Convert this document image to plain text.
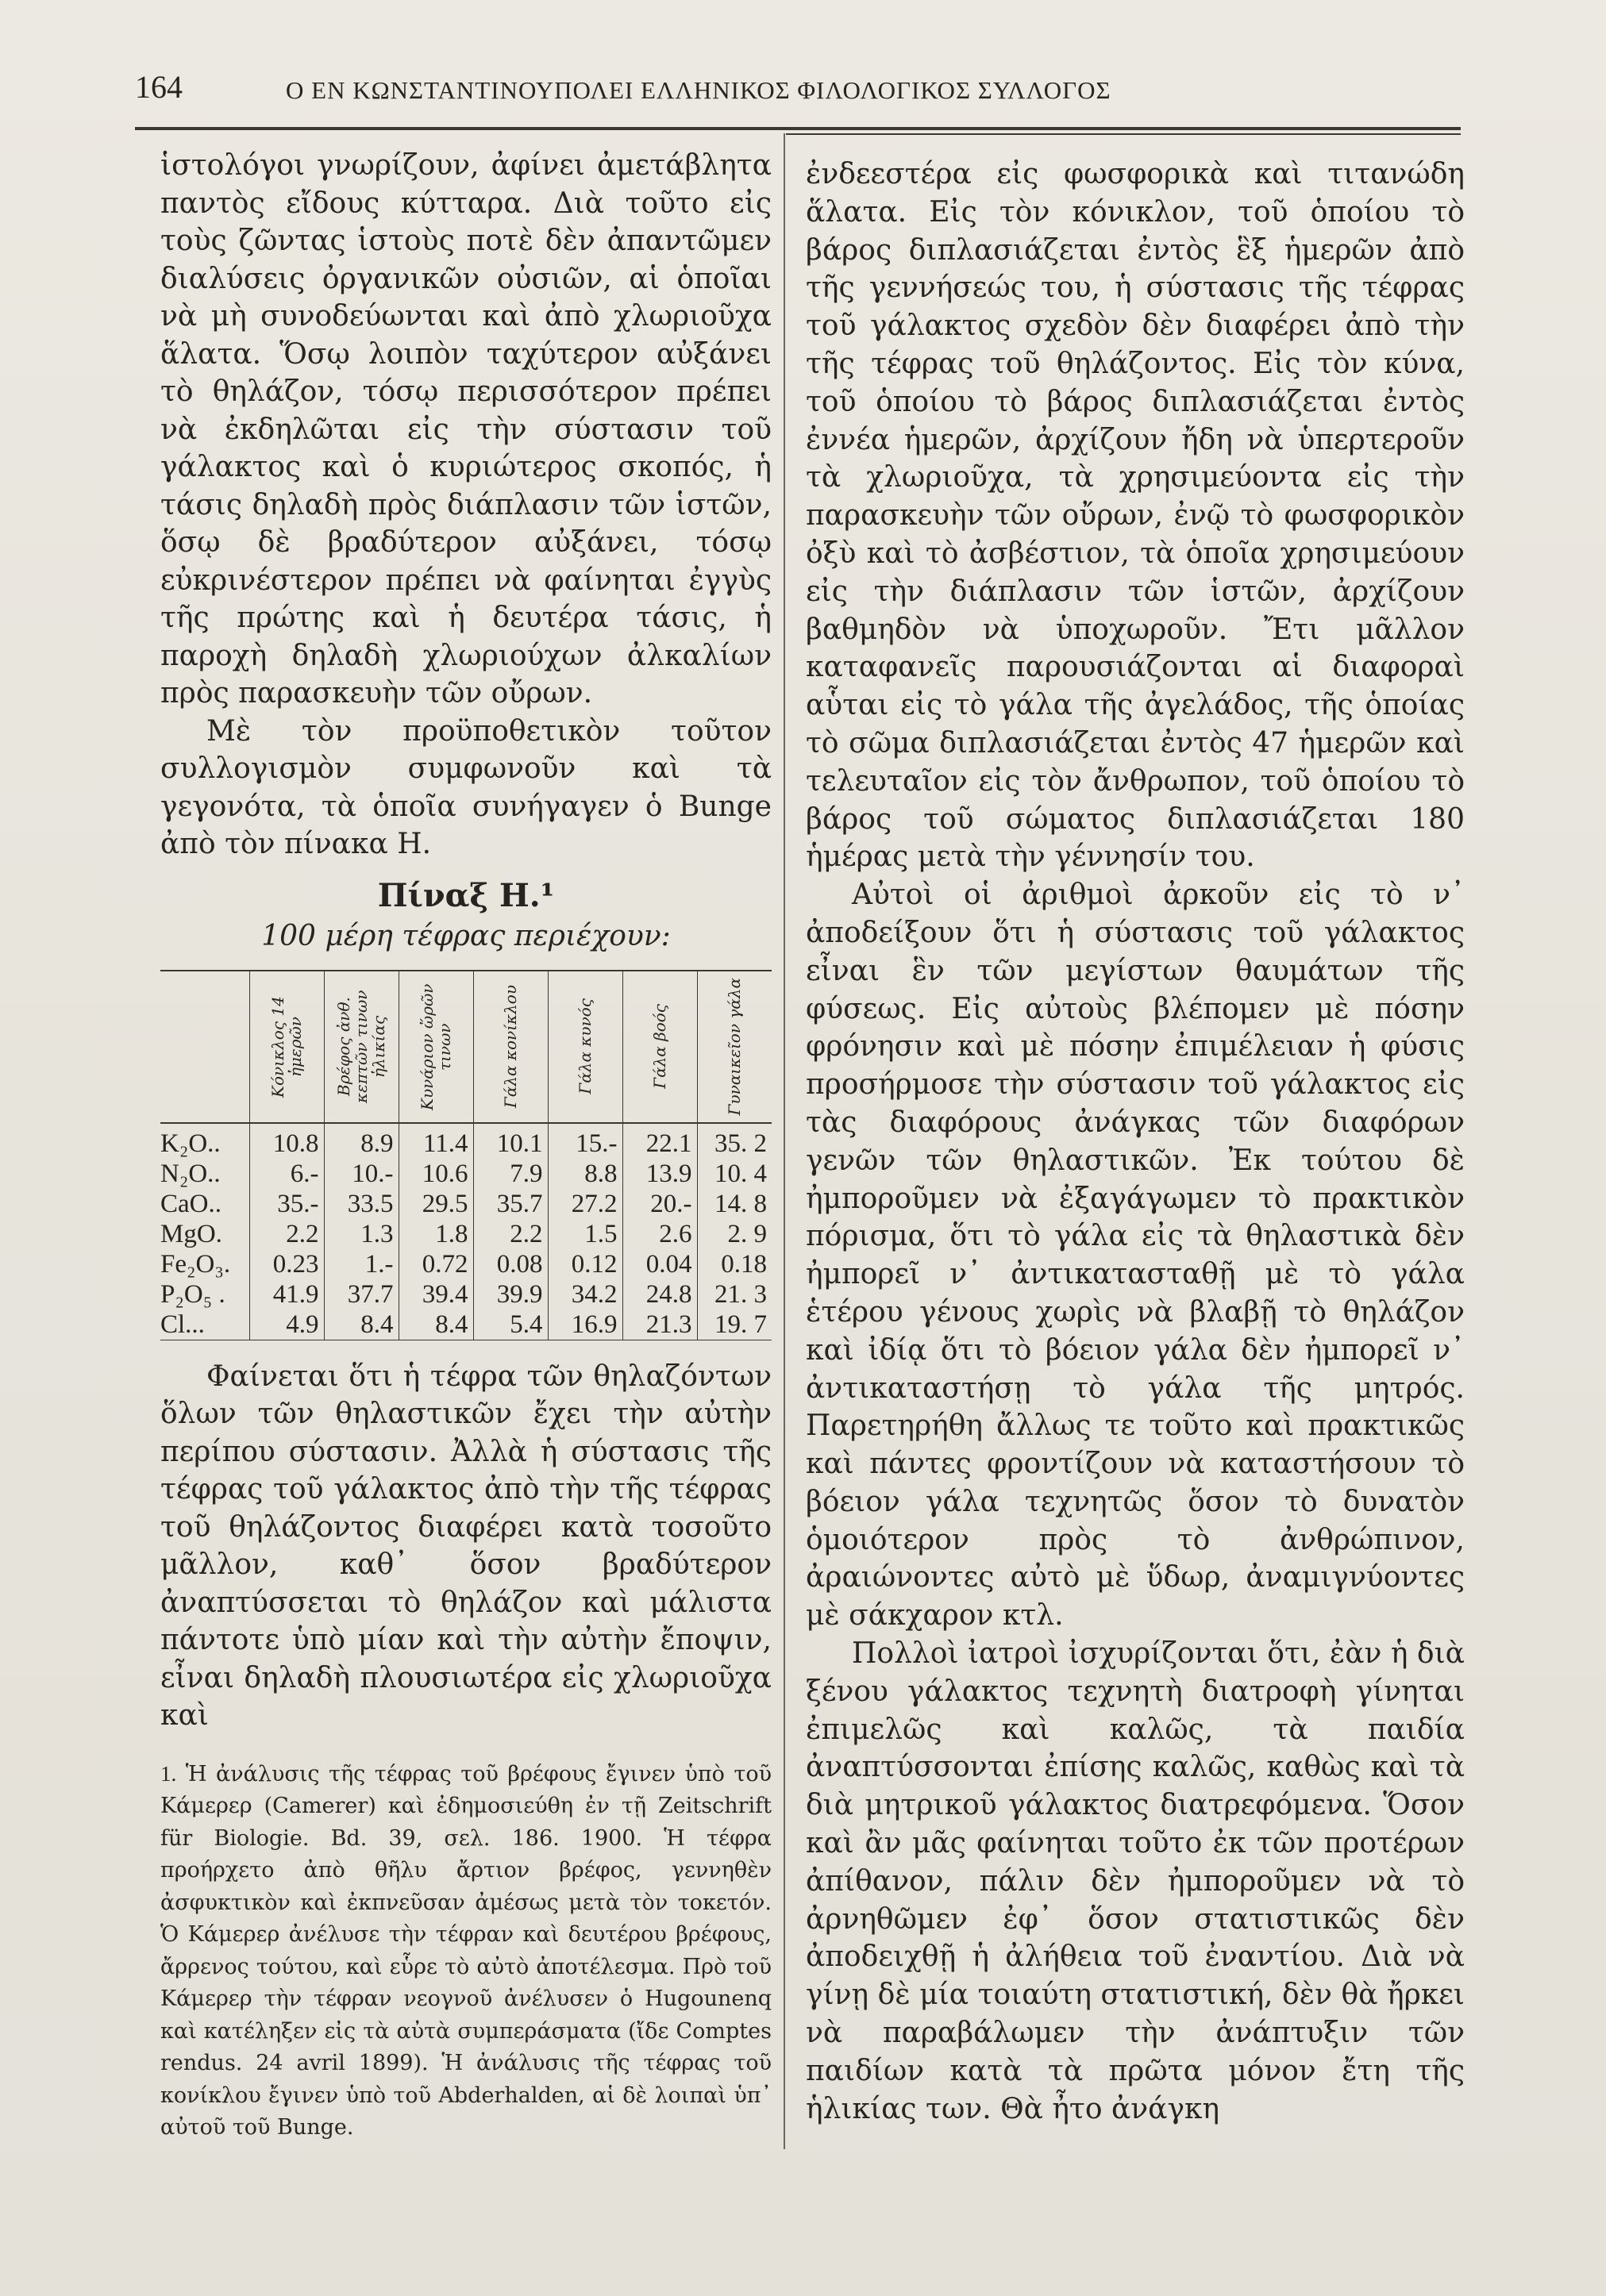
164	Ο ΕΝ ΚΩΝΣΤΑΝΤΙΝΟΥΠΟΛΕΙ ΕΛΛΗΝΙΚΟΣ ΦΙΛΟΛΟΓΙΚΟΣ ΣΥΛΛΟΓΟΣ

ἱστολόγοι γνωρίζουν, ἀφίνει ἀμετάβλητα παντὸς εἴδους κύτταρα. Διὰ τοῦτο εἰς τοὺς ζῶντας ἱστοὺς ποτὲ δὲν ἀπαντῶμεν διαλύσεις ὀργανικῶν οὐσιῶν, αἱ ὁποῖαι νὰ μὴ συνοδεύωνται καὶ ἀπὸ χλωριοῦχα ἅλατα. Ὅσῳ λοιπὸν ταχύτερον αὐξάνει τὸ θηλάζον, τόσῳ περισσότερον πρέπει νὰ ἐκδηλῶται εἰς τὴν σύστασιν τοῦ γάλακτος καὶ ὁ κυριώτερος σκοπός, ἡ τάσις δηλαδὴ πρὸς διάπλασιν τῶν ἱστῶν, ὅσῳ δὲ βραδύτερον αὐξάνει, τόσῳ εὐκρινέστερον πρέπει νὰ φαίνηται ἐγγὺς τῆς πρώτης καὶ ἡ δευτέρα τάσις, ἡ παροχὴ δηλαδὴ χλωριούχων ἀλκαλίων πρὸς παρασκευὴν τῶν οὔρων.

Μὲ τὸν προϋποθετικὸν τοῦτον συλλογισμὸν συμφωνοῦν καὶ τὰ γεγονότα, τὰ ὁποῖα συνήγαγεν ὁ Bunge ἀπὸ τὸν πίνακα Η.

Πίναξ Η.¹
100 μέρη τέφρας περιέχουν:

	Κόνικλος 14 ἡμερῶν	Βρέφος ἀνθ. κεπτῶν τινων ἡλικίας	Κυνάριον ὥρῶν τινων	Γάλα κονίκλου	Γάλα κυνός	Γάλα βοός	Γυναικεῖον γάλα

K₂O..	10.8	8.9	11.4	10.1	15.-	22.1	35. 2
N₂O..	6.-	10.-	10.6	7.9	8.8	13.9	10. 4
CaO..	35.-	33.5	29.5	35.7	27.2	20.-	14. 8
MgO.	2.2	1.3	1.8	2.2	1.5	2.6	2. 9
Fe₂O₃.	0.23	1.-	0.72	0.08	0.12	0.04	0.18
P₂O₅ .	41.9	37.7	39.4	39.9	34.2	24.8	21. 3
Cl...	4.9	8.4	8.4	5.4	16.9	21.3	19. 7

Φαίνεται ὅτι ἡ τέφρα τῶν θηλαζόντων ὅλων τῶν θηλαστικῶν ἔχει τὴν αὐτὴν περίπου σύστασιν. Ἀλλὰ ἡ σύστασις τῆς τέφρας τοῦ γάλακτος ἀπὸ τὴν τῆς τέφρας τοῦ θηλάζοντος διαφέρει κατὰ τοσοῦτο μᾶλλον, καθ᾽ ὅσον βραδύτερον ἀναπτύσσεται τὸ θηλάζον καὶ μάλιστα πάντοτε ὑπὸ μίαν καὶ τὴν αὐτὴν ἔποψιν, εἶναι δηλαδὴ πλουσιωτέρα εἰς χλωριοῦχα καὶ

1. Ἡ ἀνάλυσις τῆς τέφρας τοῦ βρέφους ἔγινεν ὑπὸ τοῦ Κάμερερ (Camerer) καὶ ἐδημοσιεύθη ἐν τῇ Zeitschrift für Biologie. Bd. 39, σελ. 186. 1900. Ἡ τέφρα προήρχετο ἀπὸ θῆλυ ἄρτιον βρέφος, γεννηθὲν ἀσφυκτικὸν καὶ ἐκπνεῦσαν ἀμέσως μετὰ τὸν τοκετόν. Ὁ Κάμερερ ἀνέλυσε τὴν τέφραν καὶ δευτέρου βρέφους, ἄρρενος τούτου, καὶ εὗρε τὸ αὐτὸ ἀποτέλεσμα. Πρὸ τοῦ Κάμερερ τὴν τέφραν νεογνοῦ ἀνέλυσεν ὁ Hugounenq καὶ κατέληξεν εἰς τὰ αὐτὰ συμπεράσματα (ἴδε Comptes rendus. 24 avril 1899). Ἡ ἀνάλυσις τῆς τέφρας τοῦ κονίκλου ἔγινεν ὑπὸ τοῦ Abderhalden, αἱ δὲ λοιπαὶ ὑπ᾽ αὐτοῦ τοῦ Bunge.

ἐνδεεστέρα εἰς φωσφορικὰ καὶ τιτανώδη ἅλατα. Εἰς τὸν κόνικλον, τοῦ ὁποίου τὸ βάρος διπλασιάζεται ἐντὸς ἓξ ἡμερῶν ἀπὸ τῆς γεννήσεώς του, ἡ σύστασις τῆς τέφρας τοῦ γάλακτος σχεδὸν δὲν διαφέρει ἀπὸ τὴν τῆς τέφρας τοῦ θηλάζοντος. Εἰς τὸν κύνα, τοῦ ὁποίου τὸ βάρος διπλασιάζεται ἐντὸς ἐννέα ἡμερῶν, ἀρχίζουν ἤδη νὰ ὑπερτεροῦν τὰ χλωριοῦχα, τὰ χρησιμεύοντα εἰς τὴν παρασκευὴν τῶν οὔρων, ἐνῷ τὸ φωσφορικὸν ὀξὺ καὶ τὸ ἀσβέστιον, τὰ ὁποῖα χρησιμεύουν εἰς τὴν διάπλασιν τῶν ἱστῶν, ἀρχίζουν βαθμηδὸν νὰ ὑποχωροῦν. Ἔτι μᾶλλον καταφανεῖς παρουσιάζονται αἱ διαφοραὶ αὗται εἰς τὸ γάλα τῆς ἀγελάδος, τῆς ὁποίας τὸ σῶμα διπλασιάζεται ἐντὸς 47 ἡμερῶν καὶ τελευταῖον εἰς τὸν ἄνθρωπον, τοῦ ὁποίου τὸ βάρος τοῦ σώματος διπλασιάζεται 180 ἡμέρας μετὰ τὴν γέννησίν του.

Αὐτοὶ οἱ ἀριθμοὶ ἀρκοῦν εἰς τὸ ν᾽ ἀποδείξουν ὅτι ἡ σύστασις τοῦ γάλακτος εἶναι ἓν τῶν μεγίστων θαυμάτων τῆς φύσεως. Εἰς αὐτοὺς βλέπομεν μὲ πόσην φρόνησιν καὶ μὲ πόσην ἐπιμέλειαν ἡ φύσις προσήρμοσε τὴν σύστασιν τοῦ γάλακτος εἰς τὰς διαφόρους ἀνάγκας τῶν διαφόρων γενῶν τῶν θηλαστικῶν. Ἐκ τούτου δὲ ἠμποροῦμεν νὰ ἐξαγάγωμεν τὸ πρακτικὸν πόρισμα, ὅτι τὸ γάλα εἰς τὰ θηλαστικὰ δὲν ἠμπορεῖ ν᾽ ἀντικατασταθῇ μὲ τὸ γάλα ἑτέρου γένους χωρὶς νὰ βλαβῇ τὸ θηλάζον καὶ ἰδίᾳ ὅτι τὸ βόειον γάλα δὲν ἠμπορεῖ ν᾽ ἀντικαταστήσῃ τὸ γάλα τῆς μητρός. Παρετηρήθη ἄλλως τε τοῦτο καὶ πρακτικῶς καὶ πάντες φροντίζουν νὰ καταστήσουν τὸ βόειον γάλα τεχνητῶς ὅσον τὸ δυνατὸν ὁμοιότερον πρὸς τὸ ἀνθρώπινον, ἀραιώνοντες αὐτὸ μὲ ὕδωρ, ἀναμιγνύοντες μὲ σάκχαρον κτλ.

Πολλοὶ ἰατροὶ ἰσχυρίζονται ὅτι, ἐὰν ἡ διὰ ξένου γάλακτος τεχνητὴ διατροφὴ γίνηται ἐπιμελῶς καὶ καλῶς, τὰ παιδία ἀναπτύσσονται ἐπίσης καλῶς, καθὼς καὶ τὰ διὰ μητρικοῦ γάλακτος διατρεφόμενα. Ὅσον καὶ ἂν μᾶς φαίνηται τοῦτο ἐκ τῶν προτέρων ἀπίθανον, πάλιν δὲν ἠμποροῦμεν νὰ τὸ ἀρνηθῶμεν ἐφ᾽ ὅσον στατιστικῶς δὲν ἀποδειχθῇ ἡ ἀλήθεια τοῦ ἐναντίου. Διὰ νὰ γίνῃ δὲ μία τοιαύτη στατιστική, δὲν θὰ ἤρκει νὰ παραβάλωμεν τὴν ἀνάπτυξιν τῶν παιδίων κατὰ τὰ πρῶτα μόνον ἔτη τῆς ἡλικίας των. Θὰ ἦτο ἀνάγκη
